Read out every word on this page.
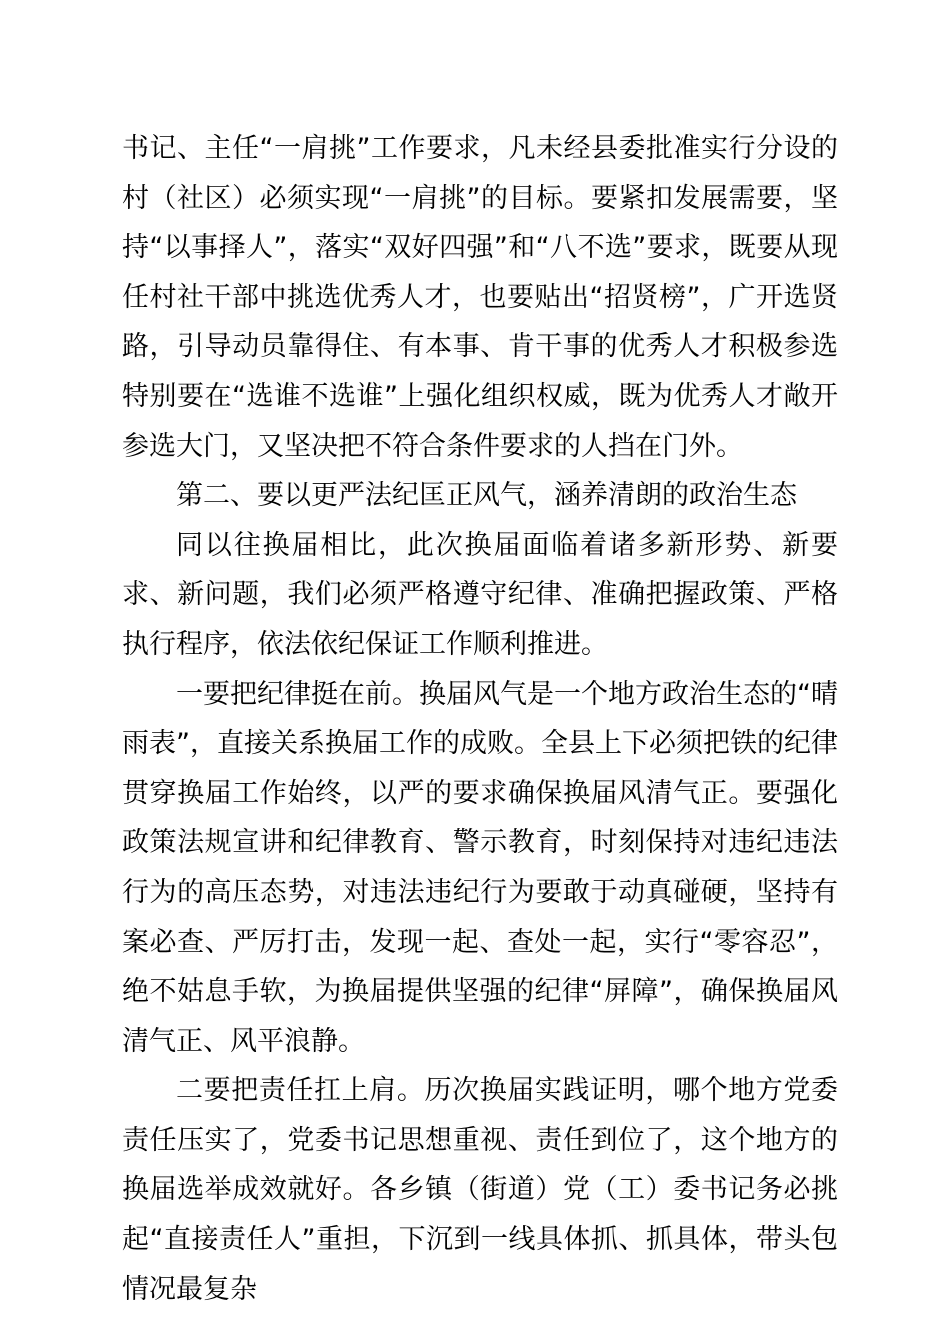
书记、主任“一肩挑”工作要求，凡未经县委批准实行分设的村（社区）必须实现“一肩挑”的目标。要紧扣发展需要，坚持“以事择人”，落实“双好四强”和“八不选”要求，既要从现任村社干部中挑选优秀人才，也要贴出“招贤榜”，广开选贤路，引导动员靠得住、有本事、肯干事的优秀人才积极参选特别要在“选谁不选谁”上强化组织权威，既为优秀人才敞开参选大门，又坚决把不符合条件要求的人挡在门外。

第二、要以更严法纪匡正风气，涵养清朗的政治生态

同以往换届相比，此次换届面临着诸多新形势、新要求、新问题，我们必须严格遵守纪律、准确把握政策、严格执行程序，依法依纪保证工作顺利推进。

一要把纪律挺在前。换届风气是一个地方政治生态的“晴雨表”，直接关系换届工作的成败。全县上下必须把铁的纪律贯穿换届工作始终，以严的要求确保换届风清气正。要强化政策法规宣讲和纪律教育、警示教育，时刻保持对违纪违法行为的高压态势，对违法违纪行为要敢于动真碰硬，坚持有案必查、严厉打击，发现一起、查处一起，实行“零容忍”，绝不姑息手软，为换届提供坚强的纪律“屏障”，确保换届风清气正、风平浪静。

二要把责任扛上肩。历次换届实践证明，哪个地方党委责任压实了，党委书记思想重视、责任到位了，这个地方的换届选举成效就好。各乡镇（街道）党（工）委书记务必挑起“直接责任人”重担，下沉到一线具体抓、抓具体，带头包情况最复杂
